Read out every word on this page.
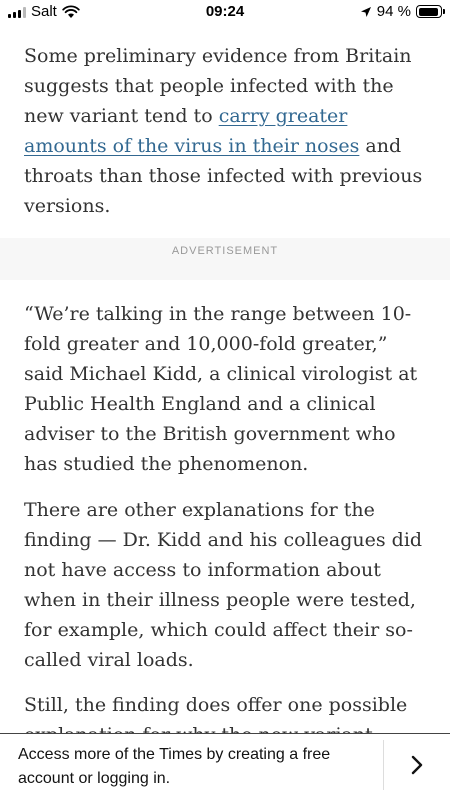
Salt	09:24	94 %

Some preliminary evidence from Britain suggests that people infected with the new variant tend to carry greater amounts of the virus in their noses and throats than those infected with previous versions.

ADVERTISEMENT

“We’re talking in the range between 10-fold greater and 10,000-fold greater,” said Michael Kidd, a clinical virologist at Public Health England and a clinical adviser to the British government who has studied the phenomenon.

There are other explanations for the finding — Dr. Kidd and his colleagues did not have access to information about when in their illness people were tested, for example, which could affect their so-called viral loads.

Still, the finding does offer one possible

Access more of the Times by creating a free account or logging in.
